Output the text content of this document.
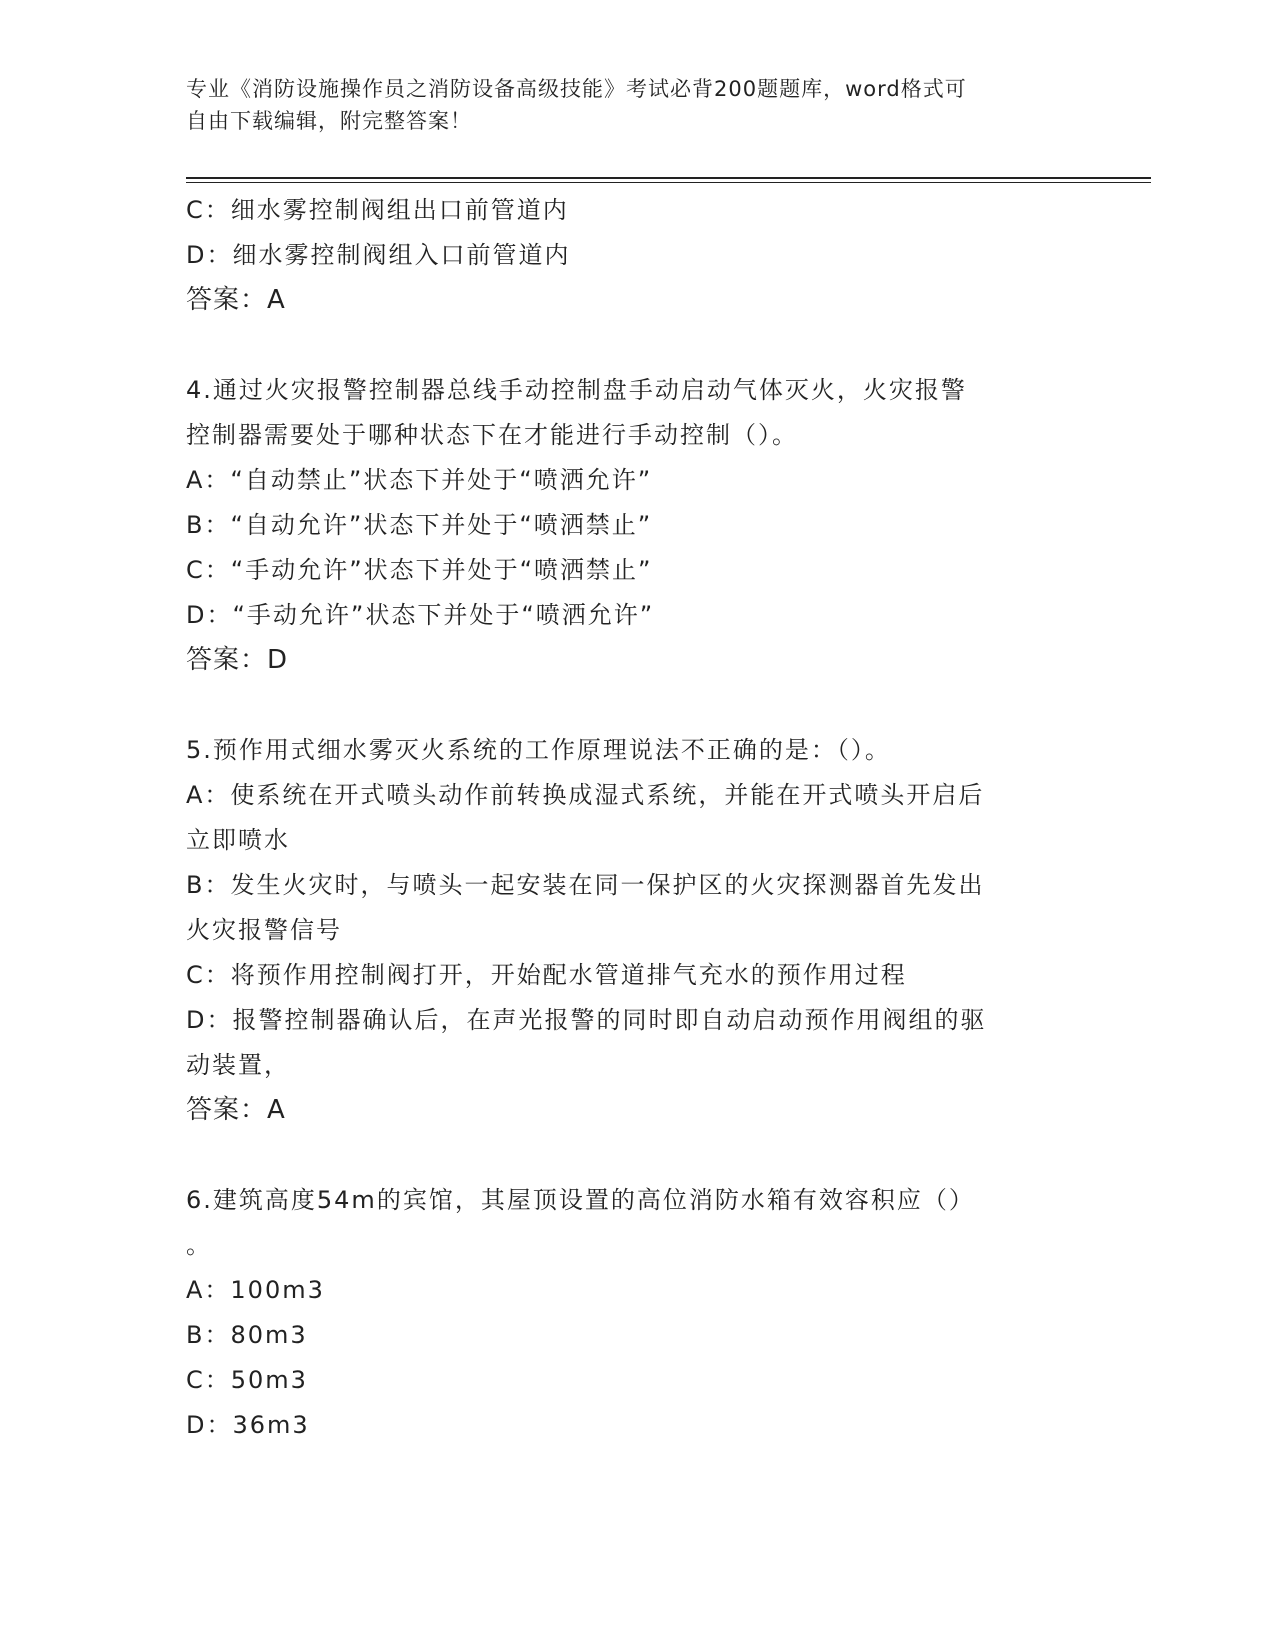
专业《消防设施操作员之消防设备高级技能》考试必背200题题库，word格式可
自由下载编辑，附完整答案！
C：细水雾控制阀组出口前管道内
D：细水雾控制阀组入口前管道内
答案：A
4.通过火灾报警控制器总线手动控制盘手动启动气体灭火，火灾报警
控制器需要处于哪种状态下在才能进行手动控制（）。
A：“自动禁止”状态下并处于“喷洒允许”
B：“自动允许”状态下并处于“喷洒禁止”
C：“手动允许”状态下并处于“喷洒禁止”
D：“手动允许”状态下并处于“喷洒允许”
答案：D
5.预作用式细水雾灭火系统的工作原理说法不正确的是：（）。
A：使系统在开式喷头动作前转换成湿式系统，并能在开式喷头开启后
立即喷水
B：发生火灾时，与喷头一起安装在同一保护区的火灾探测器首先发出
火灾报警信号
C：将预作用控制阀打开，开始配水管道排气充水的预作用过程
D：报警控制器确认后，在声光报警的同时即自动启动预作用阀组的驱
动装置，
答案：A
6.建筑高度54m的宾馆，其屋顶设置的高位消防水箱有效容积应（）
。
A：100m3
B：80m3
C：50m3
D：36m3
